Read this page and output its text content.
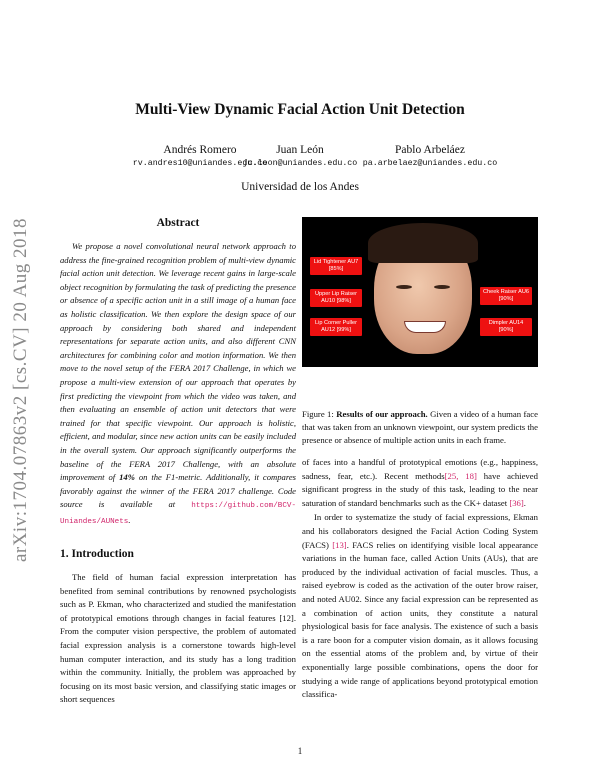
arXiv:1704.07863v2 [cs.CV] 20 Aug 2018
Multi-View Dynamic Facial Action Unit Detection
Andrés Romero	Juan León	Pablo Arbeláez
rv.andres10@uniandes.edu.co
jc.leon@uniandes.edu.co pa.arbelaez@uniandes.edu.co
Universidad de los Andes
Abstract
We propose a novel convolutional neural network approach to address the fine-grained recognition problem of multi-view dynamic facial action unit detection. We leverage recent gains in large-scale object recognition by formulating the task of predicting the presence or absence of a specific action unit in a still image of a human face as holistic classification. We then explore the design space of our approach by considering both shared and independent representations for separate action units, and also different CNN architectures for combining color and motion information. We then move to the novel setup of the FERA 2017 Challenge, in which we propose a multi-view extension of our approach that operates by first predicting the viewpoint from which the video was taken, and then evaluating an ensemble of action unit detectors that were trained for that specific viewpoint. Our approach is holistic, efficient, and modular, since new action units can be easily included in the overall system. Our approach significantly outperforms the baseline of the FERA 2017 Challenge, with an absolute improvement of 14% on the F1-metric. Additionally, it compares favorably against the winner of the FERA 2017 challenge. Code source is available at https://github.com/BCV-Uniandes/AUNets.
Lid Tightener AU7 [85%]
Upper Lip Raiser AU10 [98%]
Lip Corner Puller AU12 [99%]
Cheek Raiser AU6 [90%]
Dimpler AU14 [90%]
Figure 1: Results of our approach. Given a video of a human face that was taken from an unknown viewpoint, our system predicts the presence or absence of multiple action units in each frame.
1. Introduction
The field of human facial expression interpretation has benefited from seminal contributions by renowned psychologists such as P. Ekman, who characterized and studied the manifestation of prototypical emotions through changes in facial features [12]. From the computer vision perspective, the problem of automated facial expression analysis is a cornerstone towards high-level human computer interaction, and its study has a long tradition within the community. Initially, the problem was approached by focusing on its most basic version, and classifying static images or short sequences

of faces into a handful of prototypical emotions (e.g., happiness, sadness, fear, etc.). Recent methods[25, 18] have achieved significant progress in the study of this task, leading to the near saturation of standard benchmarks such as the CK+ dataset [36].

In order to systematize the study of facial expressions, Ekman and his collaborators designed the Facial Action Coding System (FACS) [13]. FACS relies on identifying visible local appearance variations in the human face, called Action Units (AUs), that are produced by the individual activation of facial muscles. Thus, a raised eyebrow is coded as the activation of the outer brow raiser, and noted AU02. Since any facial expression can be represented as a combination of action units, they constitute a natural physiological basis for face analysis. The existence of such a basis is a rare boon for a computer vision domain, as it allows focusing on the essential atoms of the problem and, by virtue of their exponentially large possible combinations, opens the door for studying a wide range of applications beyond prototypical emotion classifica-

1
